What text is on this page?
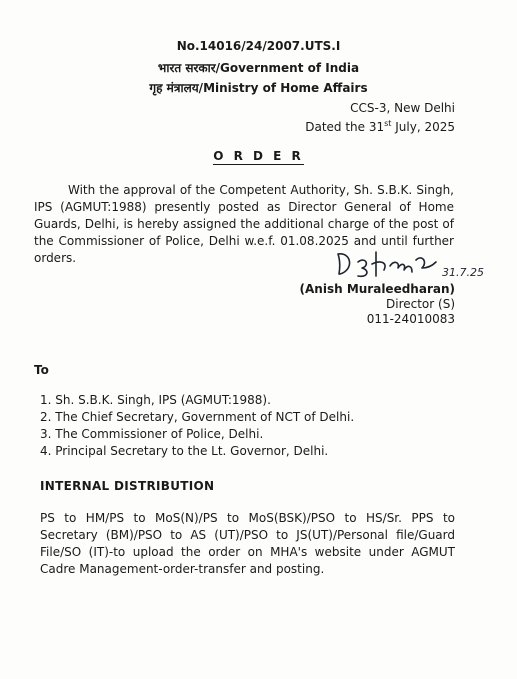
No.14016/24/2007.UTS.I
भारत सरकार/Government of India
गृह मंत्रालय/Ministry of Home Affairs
CCS-3, New Delhi
Dated the 31st July, 2025
O R D E R
With the approval of the Competent Authority, Sh. S.B.K. Singh, IPS (AGMUT:1988) presently posted as Director General of Home Guards, Delhi, is hereby assigned the additional charge of the post of the Commissioner of Police, Delhi w.e.f. 01.08.2025 and until further orders.
31.7.25
(Anish Muraleedharan)
Director (S)
011-24010083
To
1. Sh. S.B.K. Singh, IPS (AGMUT:1988).
2. The Chief Secretary, Government of NCT of Delhi.
3. The Commissioner of Police, Delhi.
4. Principal Secretary to the Lt. Governor, Delhi.
INTERNAL DISTRIBUTION
PS to HM/PS to MoS(N)/PS to MoS(BSK)/PSO to HS/Sr. PPS to Secretary (BM)/PSO to AS (UT)/PSO to JS(UT)/Personal file/Guard File/SO (IT)-to upload the order on MHA's website under AGMUT Cadre Management-order-transfer and posting.
